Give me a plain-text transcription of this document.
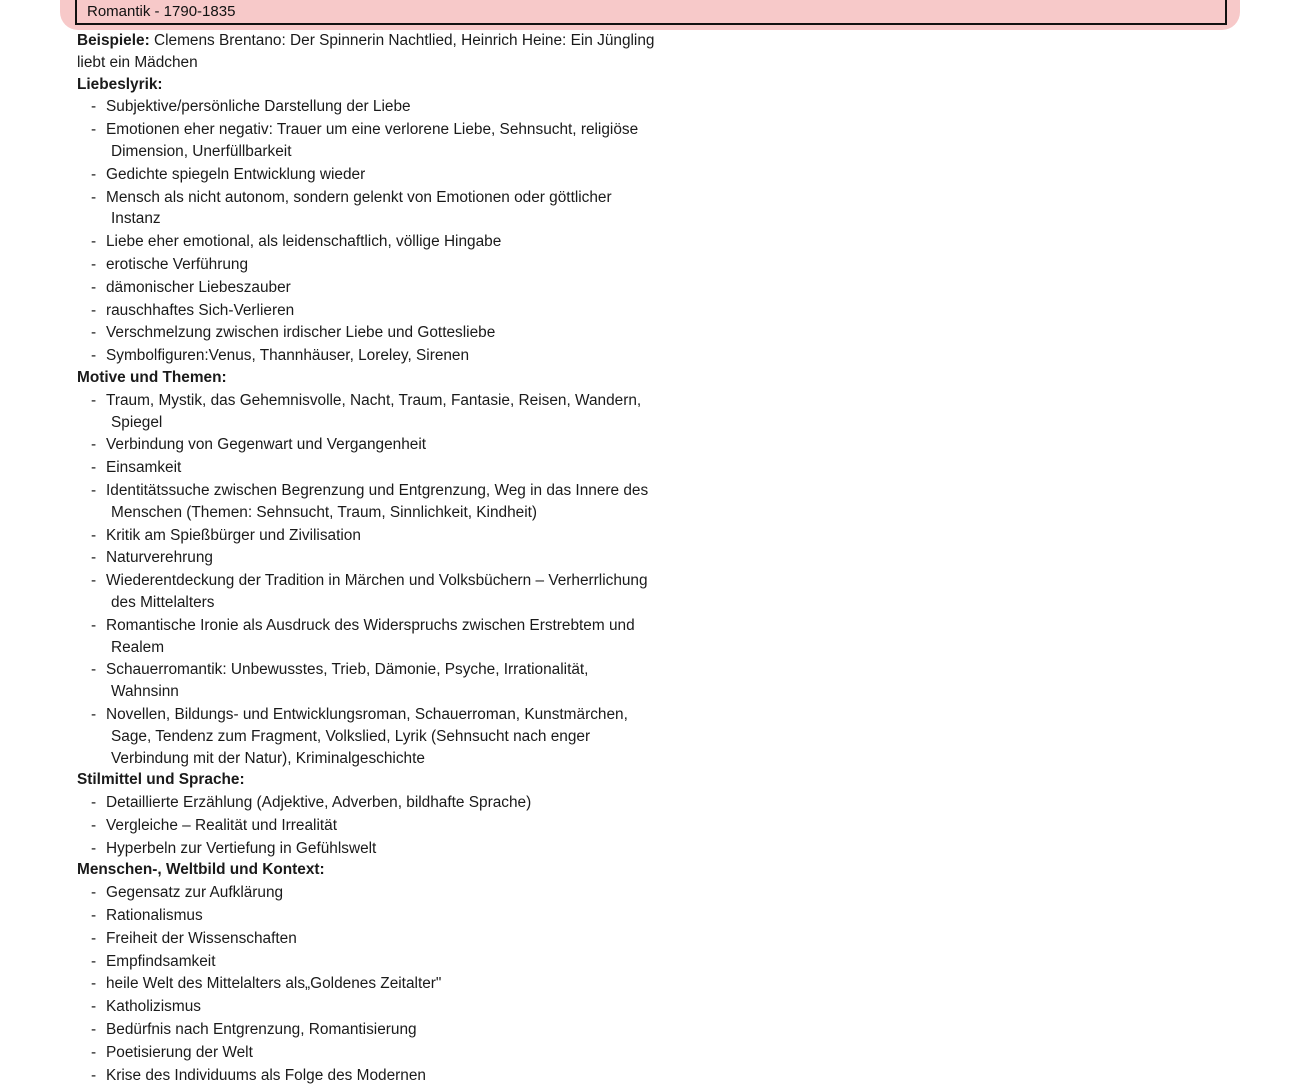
Romantik - 1790-1835
Beispiele: Clemens Brentano: Der Spinnerin Nachtlied, Heinrich Heine: Ein Jüngling
liebt ein Mädchen
Liebeslyrik:
- Subjektive/persönliche Darstellung der Liebe
- Emotionen eher negativ: Trauer um eine verlorene Liebe, Sehnsucht, religiöse
Dimension, Unerfüllbarkeit
- Gedichte spiegeln Entwicklung wieder
- Mensch als nicht autonom, sondern gelenkt von Emotionen oder göttlicher
Instanz
- Liebe eher emotional, als leidenschaftlich, völlige Hingabe
- erotische Verführung
- dämonischer Liebeszauber
- rauschhaftes Sich-Verlieren
- Verschmelzung zwischen irdischer Liebe und Gottesliebe
- Symbolfiguren:Venus, Thannhäuser, Loreley, Sirenen
Motive und Themen:
- Traum, Mystik, das Gehemnisvolle, Nacht, Traum, Fantasie, Reisen, Wandern,
Spiegel
- Verbindung von Gegenwart und Vergangenheit
- Einsamkeit
- Identitätssuche zwischen Begrenzung und Entgrenzung, Weg in das Innere des
Menschen (Themen: Sehnsucht, Traum, Sinnlichkeit, Kindheit)
- Kritik am Spießbürger und Zivilisation
- Naturverehrung
- Wiederentdeckung der Tradition in Märchen und Volksbüchern – Verherrlichung
des Mittelalters
- Romantische Ironie als Ausdruck des Widerspruchs zwischen Erstrebtem und
Realem
- Schauerromantik: Unbewusstes, Trieb, Dämonie, Psyche, Irrationalität,
Wahnsinn
- Novellen, Bildungs- und Entwicklungsroman, Schauerroman, Kunstmärchen,
Sage, Tendenz zum Fragment, Volkslied, Lyrik (Sehnsucht nach enger
Verbindung mit der Natur), Kriminalgeschichte
Stilmittel und Sprache:
- Detaillierte Erzählung (Adjektive, Adverben, bildhafte Sprache)
- Vergleiche – Realität und Irrealität
- Hyperbeln zur Vertiefung in Gefühlswelt
Menschen-, Weltbild und Kontext:
- Gegensatz zur Aufklärung
- Rationalismus
- Freiheit der Wissenschaften
- Empfindsamkeit
- heile Welt des Mittelalters als„Goldenes Zeitalter"
- Katholizismus
- Bedürfnis nach Entgrenzung, Romantisierung
- Poetisierung der Welt
- Krise des Individuums als Folge des Modernen
